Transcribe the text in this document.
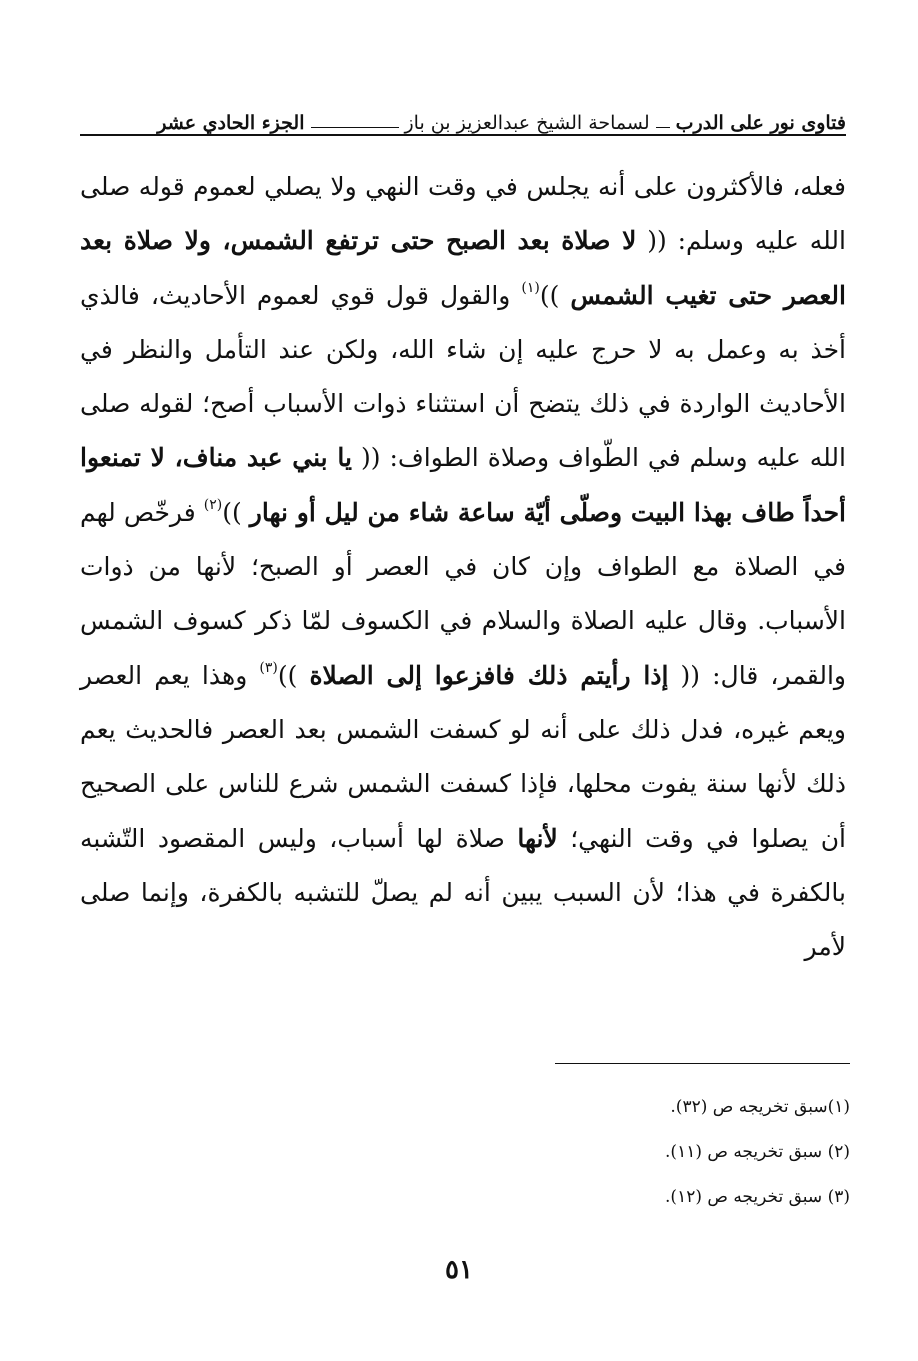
فتاوى نور على الدرب
لسماحة الشيخ عبدالعزيز بن باز
الجزء الحادي عشر

فعله، فالأكثرون على أنه يجلس في وقت النهي ولا يصلي لعموم قوله صلى الله عليه وسلم: (( لا صلاة بعد الصبح حتى ترتفع الشمس، ولا صلاة بعد العصر حتى تغيب الشمس ))$^{(١)}$ والقول قول قوي لعموم الأحاديث، فالذي أخذ به وعمل به لا حرج عليه إن شاء الله، ولكن عند التأمل والنظر في الأحاديث الواردة في ذلك يتضح أن استثناء ذوات الأسباب أصح؛ لقوله صلى الله عليه وسلم في الطّواف وصلاة الطواف: (( يا بني عبد مناف، لا تمنعوا أحداً طاف بهذا البيت وصلّى أيّة ساعة شاء من ليل أو نهار ))$^{(٢)}$ فرخّص لهم في الصلاة مع الطواف وإن كان في العصر أو الصبح؛ لأنها من ذوات الأسباب. وقال عليه الصلاة والسلام في الكسوف لمّا ذكر كسوف الشمس والقمر، قال: (( إذا رأيتم ذلك فافزعوا إلى الصلاة ))$^{(٣)}$ وهذا يعم العصر ويعم غيره، فدل ذلك على أنه لو كسفت الشمس بعد العصر فالحديث يعم ذلك لأنها سنة يفوت محلها، فإذا كسفت الشمس شرع للناس على الصحيح أن يصلوا في وقت النهي؛ لأنها صلاة لها أسباب، وليس المقصود التّشبه بالكفرة في هذا؛ لأن السبب يبين أنه لم يصلّ للتشبه بالكفرة، وإنما صلى لأمر

(١)سبق تخريجه ص (٣٢).
(٢) سبق تخريجه ص (١١).
(٣) سبق تخريجه ص (١٢).
٥١
